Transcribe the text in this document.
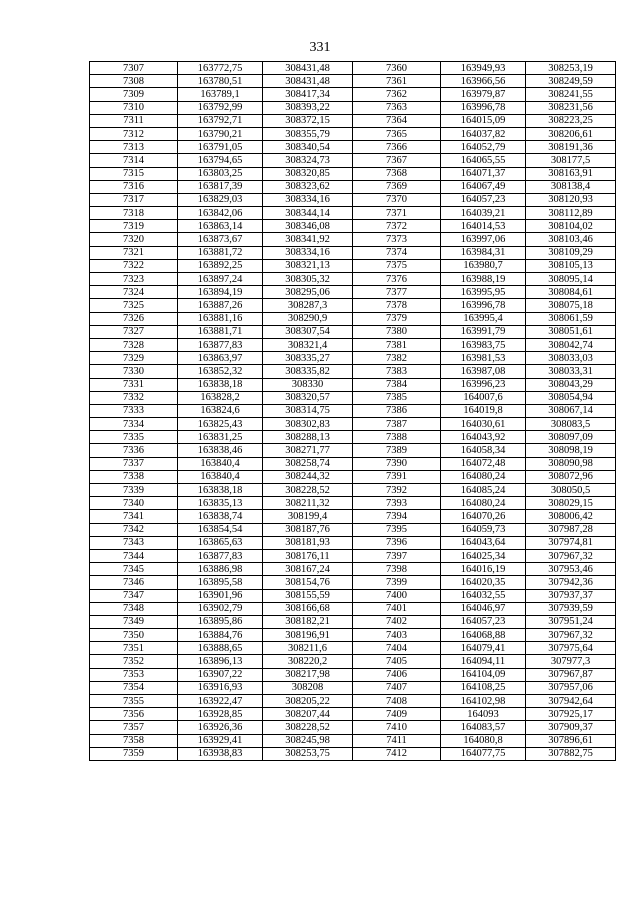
331
7307	163772,75	308431,48	7360	163949,93	308253,19
7308	163780,51	308431,48	7361	163966,56	308249,59
7309	163789,1	308417,34	7362	163979,87	308241,55
7310	163792,99	308393,22	7363	163996,78	308231,56
7311	163792,71	308372,15	7364	164015,09	308223,25
7312	163790,21	308355,79	7365	164037,82	308206,61
7313	163791,05	308340,54	7366	164052,79	308191,36
7314	163794,65	308324,73	7367	164065,55	308177,5
7315	163803,25	308320,85	7368	164071,37	308163,91
7316	163817,39	308323,62	7369	164067,49	308138,4
7317	163829,03	308334,16	7370	164057,23	308120,93
7318	163842,06	308344,14	7371	164039,21	308112,89
7319	163863,14	308346,08	7372	164014,53	308104,02
7320	163873,67	308341,92	7373	163997,06	308103,46
7321	163881,72	308334,16	7374	163984,31	308109,29
7322	163892,25	308321,13	7375	163980,7	308105,13
7323	163897,24	308305,32	7376	163988,19	308095,14
7324	163894,19	308295,06	7377	163995,95	308084,61
7325	163887,26	308287,3	7378	163996,78	308075,18
7326	163881,16	308290,9	7379	163995,4	308061,59
7327	163881,71	308307,54	7380	163991,79	308051,61
7328	163877,83	308321,4	7381	163983,75	308042,74
7329	163863,97	308335,27	7382	163981,53	308033,03
7330	163852,32	308335,82	7383	163987,08	308033,31
7331	163838,18	308330	7384	163996,23	308043,29
7332	163828,2	308320,57	7385	164007,6	308054,94
7333	163824,6	308314,75	7386	164019,8	308067,14
7334	163825,43	308302,83	7387	164030,61	308083,5
7335	163831,25	308288,13	7388	164043,92	308097,09
7336	163838,46	308271,77	7389	164058,34	308098,19
7337	163840,4	308258,74	7390	164072,48	308090,98
7338	163840,4	308244,32	7391	164080,24	308072,96
7339	163838,18	308228,52	7392	164085,24	308050,5
7340	163835,13	308211,32	7393	164080,24	308029,15
7341	163838,74	308199,4	7394	164070,26	308006,42
7342	163854,54	308187,76	7395	164059,73	307987,28
7343	163865,63	308181,93	7396	164043,64	307974,81
7344	163877,83	308176,11	7397	164025,34	307967,32
7345	163886,98	308167,24	7398	164016,19	307953,46
7346	163895,58	308154,76	7399	164020,35	307942,36
7347	163901,96	308155,59	7400	164032,55	307937,37
7348	163902,79	308166,68	7401	164046,97	307939,59
7349	163895,86	308182,21	7402	164057,23	307951,24
7350	163884,76	308196,91	7403	164068,88	307967,32
7351	163888,65	308211,6	7404	164079,41	307975,64
7352	163896,13	308220,2	7405	164094,11	307977,3
7353	163907,22	308217,98	7406	164104,09	307967,87
7354	163916,93	308208	7407	164108,25	307957,06
7355	163922,47	308205,22	7408	164102,98	307942,64
7356	163928,85	308207,44	7409	164093	307925,17
7357	163926,36	308228,52	7410	164083,57	307909,37
7358	163929,41	308245,98	7411	164080,8	307896,61
7359	163938,83	308253,75	7412	164077,75	307882,75
